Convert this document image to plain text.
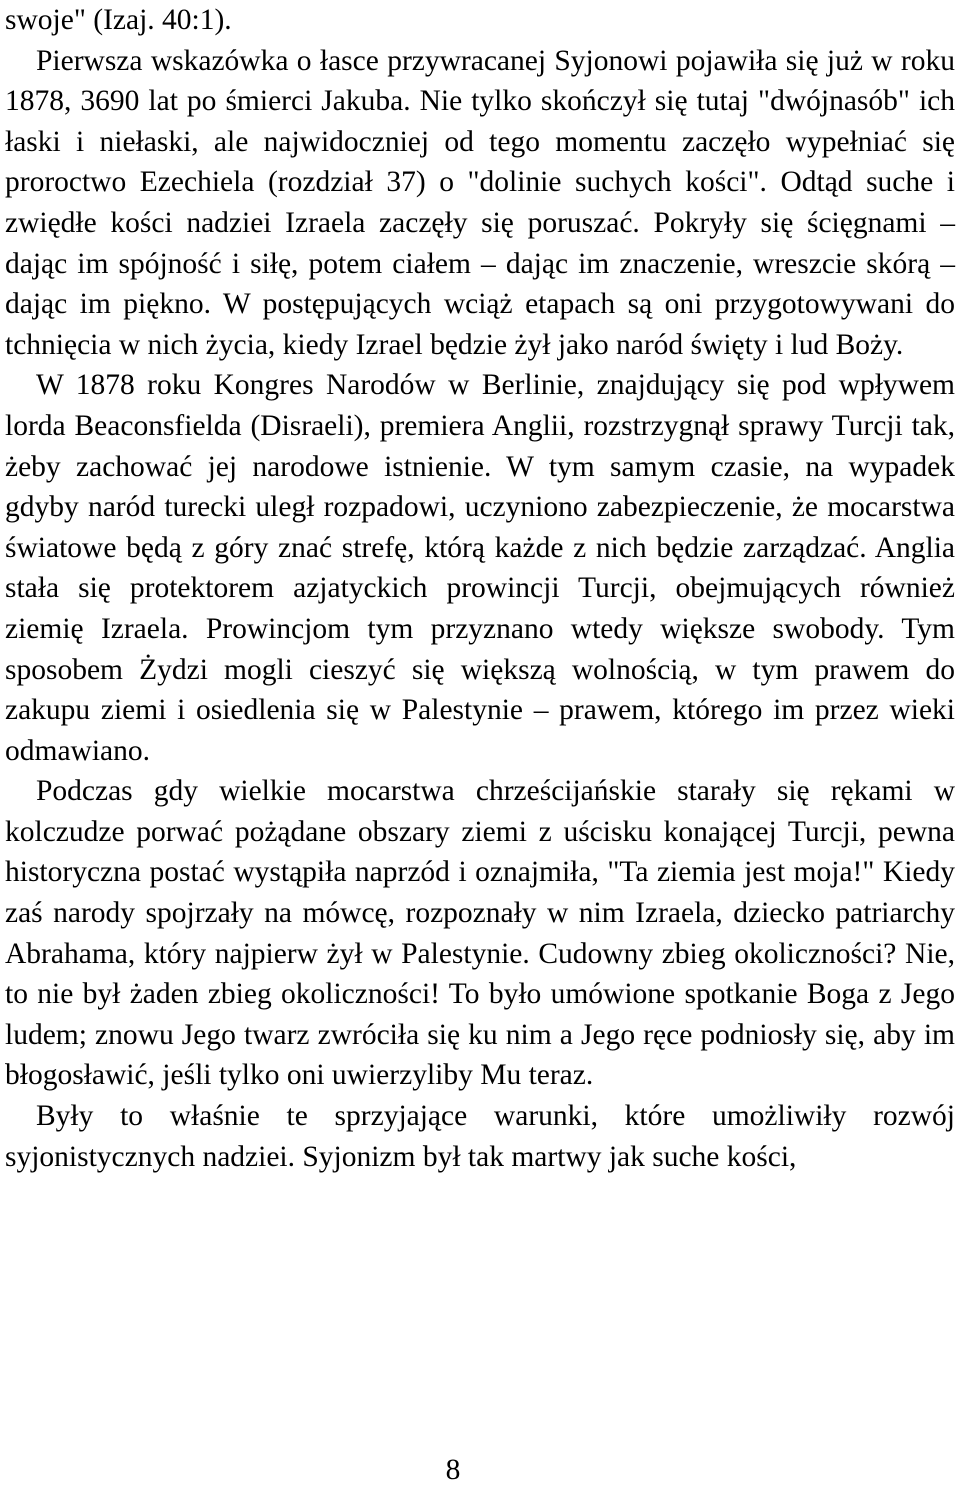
swoje" (Izaj. 40:1).

Pierwsza wskazówka o łasce przywracanej Syjonowi pojawiła się już w roku 1878, 3690 lat po śmierci Jakuba. Nie tylko skończył się tutaj "dwójnasób" ich łaski i niełaski, ale najwidoczniej od tego momentu zaczęło wypełniać się proroctwo Ezechiela (rozdział 37) o "dolinie suchych kości". Odtąd suche i zwiędłe kości nadziei Izraela zaczęły się poruszać. Pokryły się ścięgnami – dając im spójność i siłę, potem ciałem – dając im znaczenie, wreszcie skórą – dając im piękno. W postępujących wciąż etapach są oni przygotowywani do tchnięcia w nich życia, kiedy Izrael będzie żył jako naród święty i lud Boży.

W 1878 roku Kongres Narodów w Berlinie, znajdujący się pod wpływem lorda Beaconsfielda (Disraeli), premiera Anglii, rozstrzygnął sprawy Turcji tak, żeby zachować jej narodowe istnienie. W tym samym czasie, na wypadek gdyby naród turecki uległ rozpadowi, uczyniono zabezpieczenie, że mocarstwa światowe będą z góry znać strefę, którą każde z nich będzie zarządzać. Anglia stała się protektorem azjatyckich prowincji Turcji, obejmujących również ziemię Izraela. Prowincjom tym przyznano wtedy większe swobody. Tym sposobem Żydzi mogli cieszyć się większą wolnością, w tym prawem do zakupu ziemi i osiedlenia się w Palestynie – prawem, którego im przez wieki odmawiano.

Podczas gdy wielkie mocarstwa chrześcijańskie starały się rękami w kolczudze porwać pożądane obszary ziemi z uścisku konającej Turcji, pewna historyczna postać wystąpiła naprzód i oznajmiła, "Ta ziemia jest moja!" Kiedy zaś narody spojrzały na mówcę, rozpoznały w nim Izraela, dziecko patriarchy Abrahama, który najpierw żył w Palestynie. Cudowny zbieg okoliczności? Nie, to nie był żaden zbieg okoliczności! To było umówione spotkanie Boga z Jego ludem; znowu Jego twarz zwróciła się ku nim a Jego ręce podniosły się, aby im błogosławić, jeśli tylko oni uwierzyliby Mu teraz.

Były to właśnie te sprzyjające warunki, które umożliwiły rozwój syjonistycznych nadziei. Syjonizm był tak martwy jak suche kości,

8
